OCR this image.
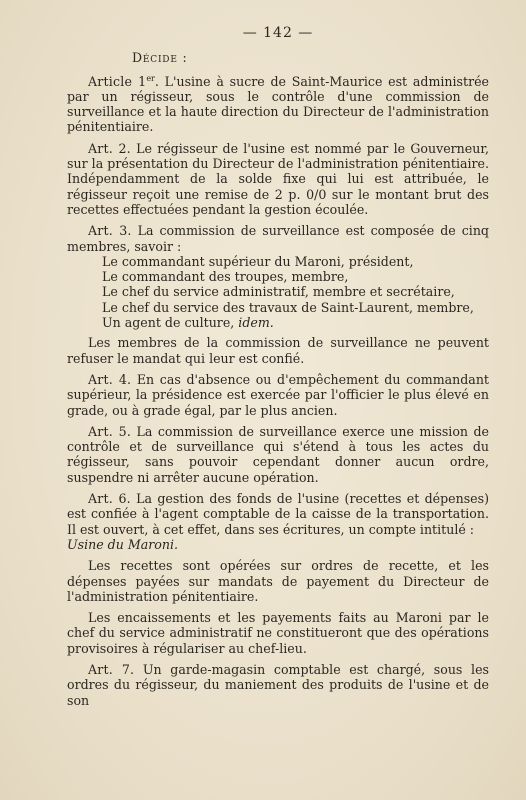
— 142 —
Décide :

Article 1er. L'usine à sucre de Saint-Maurice est administrée par un régisseur, sous le contrôle d'une commission de surveillance et la haute direction du Directeur de l'administration pénitentiaire.

Art. 2. Le régisseur de l'usine est nommé par le Gouverneur, sur la présentation du Directeur de l'administration pénitentiaire. Indépendamment de la solde fixe qui lui est attribuée, le régisseur reçoit une remise de 2 p. 0/0 sur le montant brut des recettes effectuées pendant la gestion écoulée.

Art. 3. La commission de surveillance est composée de cinq membres, savoir :

Le commandant supérieur du Maroni, président,
Le commandant des troupes, membre,
Le chef du service administratif, membre et secrétaire,
Le chef du service des travaux de Saint-Laurent, membre,
Un agent de culture, idem.

Les membres de la commission de surveillance ne peuvent refuser le mandat qui leur est confié.

Art. 4. En cas d'absence ou d'empêchement du commandant supérieur, la présidence est exercée par l'officier le plus élevé en grade, ou à grade égal, par le plus ancien.

Art. 5. La commission de surveillance exerce une mission de contrôle et de surveillance qui s'étend à tous les actes du régisseur, sans pouvoir cependant donner aucun ordre, suspendre ni arrêter aucune opération.

Art. 6. La gestion des fonds de l'usine (recettes et dépenses) est confiée à l'agent comptable de la caisse de la transportation. Il est ouvert, à cet effet, dans ses écritures, un compte intitulé :
Usine du Maroni.

Les recettes sont opérées sur ordres de recette, et les dépenses payées sur mandats de payement du Directeur de l'administration pénitentiaire.

Les encaissements et les payements faits au Maroni par le chef du service administratif ne constitueront que des opérations provisoires à régulariser au chef-lieu.

Art. 7. Un garde-magasin comptable est chargé, sous les ordres du régisseur, du maniement des produits de l'usine et de son
